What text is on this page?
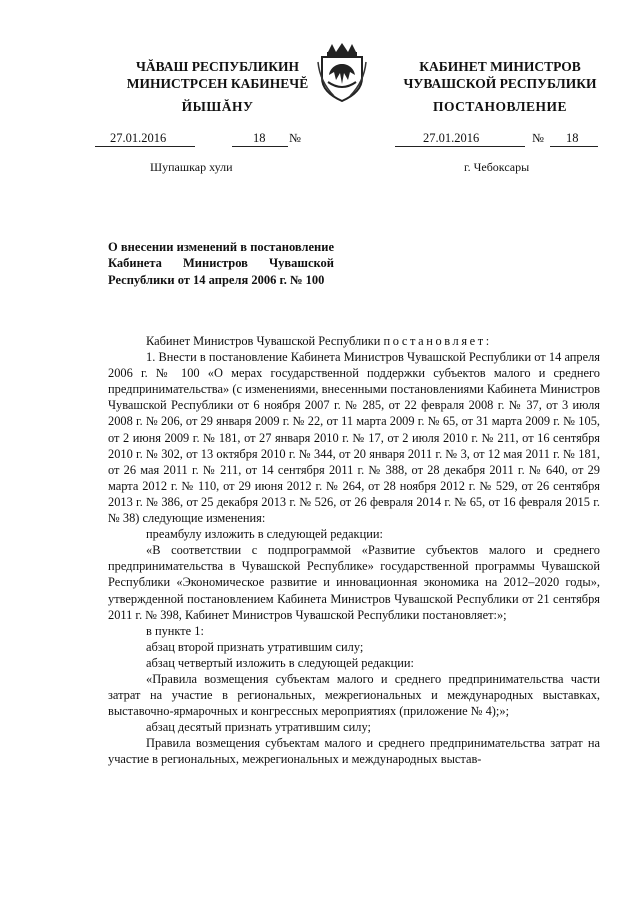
ЧĂВАШ РЕСПУБЛИКИН
МИНИСТРСЕН КАБИНЕЧĔ
ЙЫШĂНУ
КАБИНЕТ МИНИСТРОВ
ЧУВАШСКОЙ РЕСПУБЛИКИ
ПОСТАНОВЛЕНИЕ
27.01.2016	18 №	27.01.2016	№ 18
Шупашкар хули	г. Чебоксары
О внесении изменений в постановление Кабинета Министров Чувашской Республики от 14 апреля 2006 г. № 100

Кабинет Министров Чувашской Республики постановляет:

1. Внести в постановление Кабинета Министров Чувашской Республики от 14 апреля 2006 г. № 100 «О мерах государственной поддержки субъектов малого и среднего предпринимательства» (с изменениями, внесенными постановлениями Кабинета Министров Чувашской Республики от 6 ноября 2007 г. № 285, от 22 февраля 2008 г. № 37, от 3 июля 2008 г. № 206, от 29 января 2009 г. № 22, от 11 марта 2009 г. № 65, от 31 марта 2009 г. № 105, от 2 июня 2009 г. № 181, от 27 января 2010 г. № 17, от 2 июля 2010 г. № 211, от 16 сентября 2010 г. № 302, от 13 октября 2010 г. № 344, от 20 января 2011 г. № 3, от 12 мая 2011 г. № 181, от 26 мая 2011 г. № 211, от 14 сентября 2011 г. № 388, от 28 декабря 2011 г. № 640, от 29 марта 2012 г. № 110, от 29 июня 2012 г. № 264, от 28 ноября 2012 г. № 529, от 26 сентября 2013 г. № 386, от 25 декабря 2013 г. № 526, от 26 февраля 2014 г. № 65, от 16 февраля 2015 г. № 38) следующие изменения:

преамбулу изложить в следующей редакции:

«В соответствии с подпрограммой «Развитие субъектов малого и среднего предпринимательства в Чувашской Республике» государственной программы Чувашской Республики «Экономическое развитие и инновационная экономика на 2012–2020 годы», утвержденной постановлением Кабинета Министров Чувашской Республики от 21 сентября 2011 г. № 398, Кабинет Министров Чувашской Республики постановляет:»;

в пункте 1:

абзац второй признать утратившим силу;

абзац четвертый изложить в следующей редакции:

«Правила возмещения субъектам малого и среднего предпринимательства части затрат на участие в региональных, межрегиональных и международных выставках, выставочно-ярмарочных и конгрессных мероприятиях (приложение № 4);»;

абзац десятый признать утратившим силу;

Правила возмещения субъектам малого и среднего предпринимательства затрат на участие в региональных, межрегиональных и международных выстав-
